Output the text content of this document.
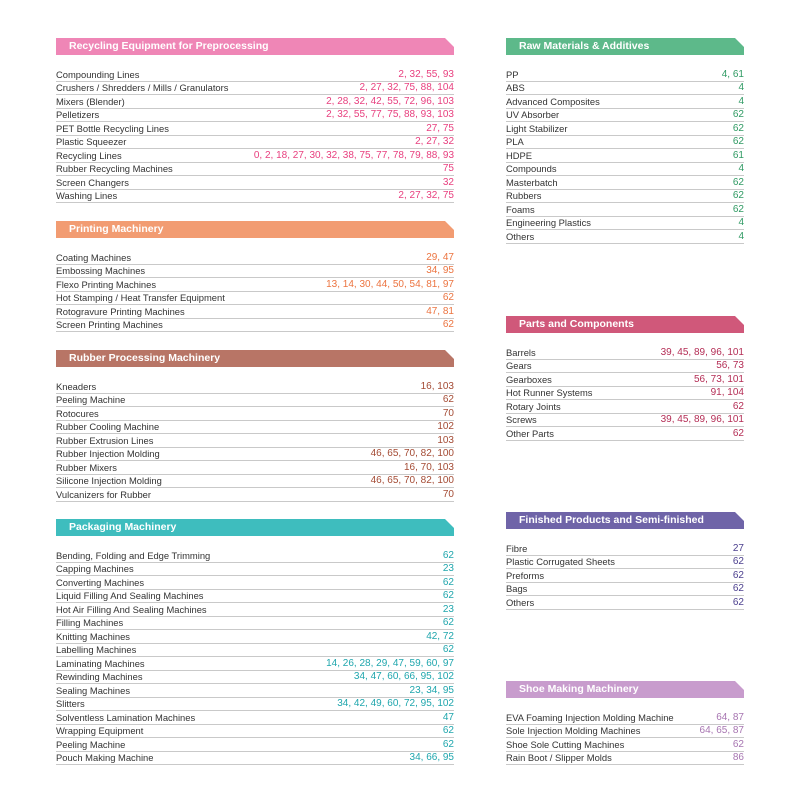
Recycling Equipment for Preprocessing
Compounding Lines	2, 32, 55, 93
Crushers / Shredders / Mills / Granulators	2, 27, 32, 75, 88, 104
Mixers (Blender)	2, 28, 32, 42, 55, 72, 96, 103
Pelletizers	2, 32, 55, 77, 75, 88, 93, 103
PET Bottle Recycling Lines	27, 75
Plastic Squeezer	2, 27, 32
Recycling Lines	0, 2, 18, 27, 30, 32, 38, 75, 77, 78, 79, 88, 93
Rubber Recycling Machines	75
Screen Changers	32
Washing Lines	2, 27, 32, 75
Printing Machinery
Coating Machines	29, 47
Embossing Machines	34, 95
Flexo Printing Machines	13, 14, 30, 44, 50, 54, 81, 97
Hot Stamping / Heat Transfer Equipment	62
Rotogravure Printing Machines	47, 81
Screen Printing Machines	62
Rubber Processing Machinery
Kneaders	16, 103
Peeling Machine	62
Rotocures	70
Rubber Cooling Machine	102
Rubber Extrusion Lines	103
Rubber Injection Molding	46, 65, 70, 82, 100
Rubber Mixers	16, 70, 103
Silicone Injection Molding	46, 65, 70, 82, 100
Vulcanizers for Rubber	70
Packaging Machinery
Bending, Folding and Edge Trimming	62
Capping Machines	23
Converting Machines	62
Liquid Filling And Sealing Machines	62
Hot Air Filling And Sealing Machines	23
Filling Machines	62
Knitting Machines	42, 72
Labelling Machines	62
Laminating Machines	14, 26, 28, 29, 47, 59, 60, 97
Rewinding Machines	34, 47, 60, 66, 95, 102
Sealing Machines	23, 34, 95
Slitters	34, 42, 49, 60, 72, 95, 102
Solventless Lamination Machines	47
Wrapping Equipment	62
Peeling Machine	62
Pouch Making Machine	34, 66, 95
Raw Materials & Additives
PP	4, 61
ABS	4
Advanced Composites	4
UV Absorber	62
Light Stabilizer	62
PLA	62
HDPE	61
Compounds	4
Masterbatch	62
Rubbers	62
Foams	62
Engineering Plastics	4
Others	4
Parts and Components
Barrels	39, 45, 89, 96, 101
Gears	56, 73
Gearboxes	56, 73, 101
Hot Runner Systems	91, 104
Rotary Joints	62
Screws	39, 45, 89, 96, 101
Other Parts	62
Finished Products and Semi-finished Products
Fibre	27
Plastic Corrugated Sheets	62
Preforms	62
Bags	62
Others	62
Shoe Making Machinery
EVA Foaming Injection Molding Machine	64, 87
Sole Injection Molding Machines	64, 65, 87
Shoe Sole Cutting Machines	62
Rain Boot / Slipper Molds	86
